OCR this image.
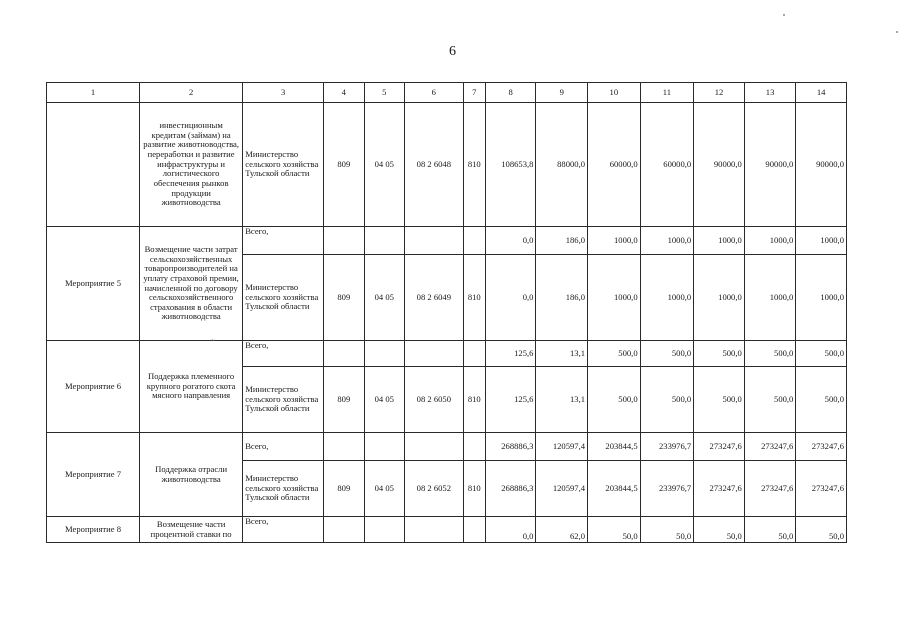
6
1	2	3	4	5	6	7	8	9	10	11	12	13	14
	инвестиционным кредитам (займам) на развитие животноводства, переработки и развитие инфраструктуры и логистического обеспечения рынков продукции животноводства	Министерство сельского хозяйства Тульской области	809	04 05	08 2 6048	810	108653,8	88000,0	60000,0	60000,0	90000,0	90000,0	90000,0
Мероприятие 5	Возмещение части затрат сельскохозяйственных товаропроизводителей на уплату страховой премии, начисленной по договору сельскохозяйственного страхования в области животноводства	Всего,					0,0	186,0	1000,0	1000,0	1000,0	1000,0	1000,0
		Министерство сельского хозяйства Тульской области	809	04 05	08 2 6049	810	0,0	186,0	1000,0	1000,0	1000,0	1000,0	1000,0
Мероприятие 6	Поддержка племенного крупного рогатого скота мясного направления	Всего,					125,6	13,1	500,0	500,0	500,0	500,0	500,0
		Министерство сельского хозяйства Тульской области	809	04 05	08 2 6050	810	125,6	13,1	500,0	500,0	500,0	500,0	500,0
Мероприятие 7	Поддержка отрасли животноводства	Всего,					268886,3	120597,4	203844,5	233976,7	273247,6	273247,6	273247,6
		Министерство сельского хозяйства Тульской области	809	04 05	08 2 6052	810	268886,3	120597,4	203844,5	233976,7	273247,6	273247,6	273247,6
Мероприятие 8	Возмещение части процентной ставки по	Всего,					0,0	62,0	50,0	50,0	50,0	50,0	50,0
~
